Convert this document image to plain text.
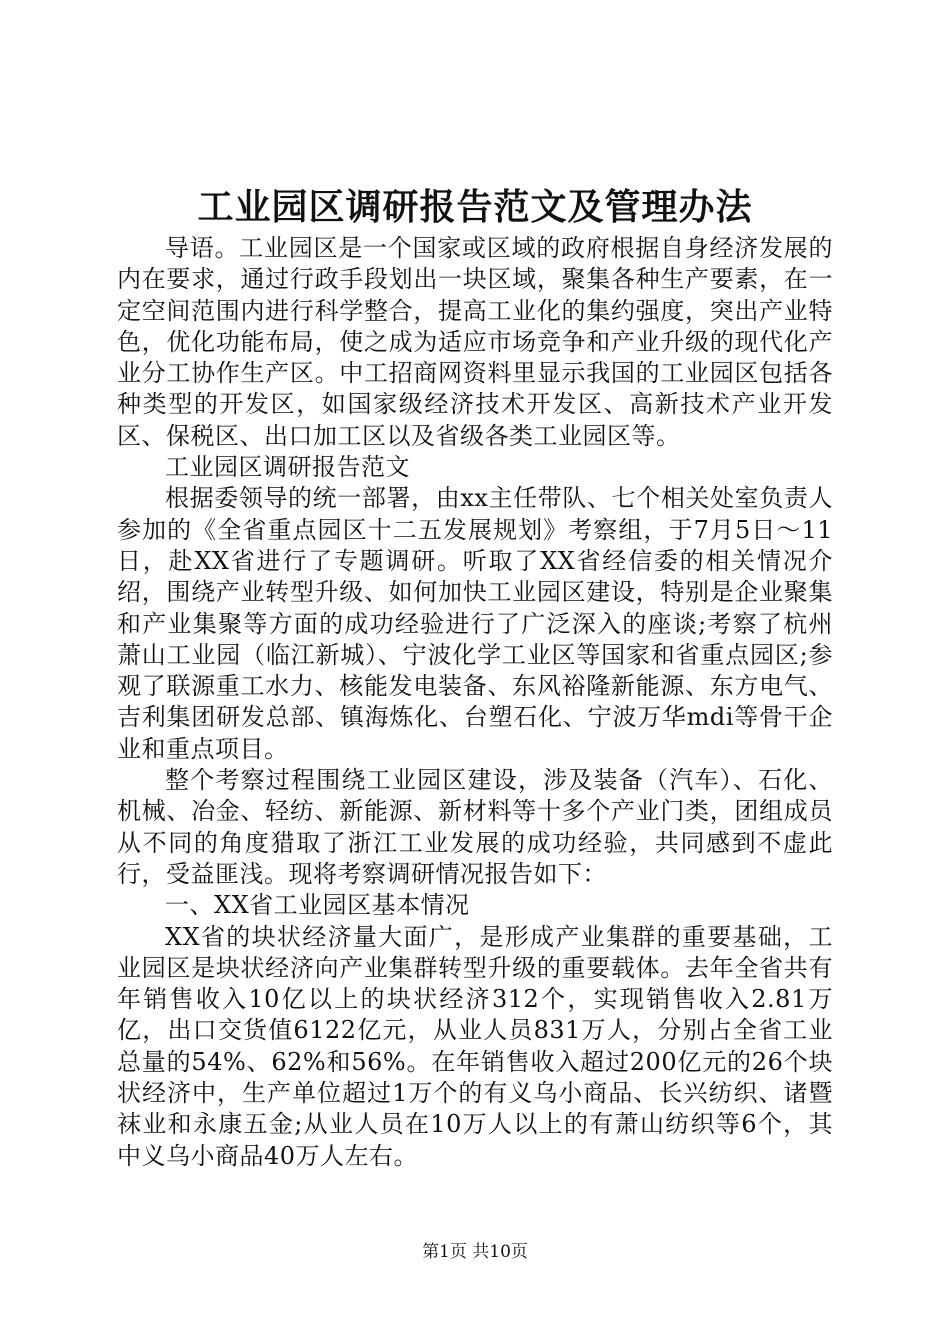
工业园区调研报告范文及管理办法

导语。工业园区是一个国家或区域的政府根据自身经济发展的内在要求，通过行政手段划出一块区域，聚集各种生产要素，在一定空间范围内进行科学整合，提高工业化的集约强度，突出产业特色，优化功能布局，使之成为适应市场竞争和产业升级的现代化产业分工协作生产区。中工招商网资料里显示我国的工业园区包括各种类型的开发区，如国家级经济技术开发区、高新技术产业开发区、保税区、出口加工区以及省级各类工业园区等。

工业园区调研报告范文

根据委领导的统一部署，由xx主任带队、七个相关处室负责人参加的《全省重点园区十二五发展规划》考察组，于7月5日～11日，赴XX省进行了专题调研。听取了XX省经信委的相关情况介绍，围绕产业转型升级、如何加快工业园区建设，特别是企业聚集和产业集聚等方面的成功经验进行了广泛深入的座谈;考察了杭州萧山工业园（临江新城）、宁波化学工业区等国家和省重点园区;参观了联源重工水力、核能发电装备、东风裕隆新能源、东方电气、吉利集团研发总部、镇海炼化、台塑石化、宁波万华mdi等骨干企业和重点项目。

整个考察过程围绕工业园区建设，涉及装备（汽车）、石化、机械、冶金、轻纺、新能源、新材料等十多个产业门类，团组成员从不同的角度猎取了浙江工业发展的成功经验，共同感到不虚此行，受益匪浅。现将考察调研情况报告如下：

一、XX省工业园区基本情况

XX省的块状经济量大面广，是形成产业集群的重要基础，工业园区是块状经济向产业集群转型升级的重要载体。去年全省共有年销售收入10亿以上的块状经济312个，实现销售收入2.81万亿，出口交货值6122亿元，从业人员831万人，分别占全省工业总量的54%、62%和56%。在年销售收入超过200亿元的26个块状经济中，生产单位超过1万个的有义乌小商品、长兴纺织、诸暨袜业和永康五金;从业人员在10万人以上的有萧山纺织等6个，其中义乌小商品40万人左右。

第1页 共10页
